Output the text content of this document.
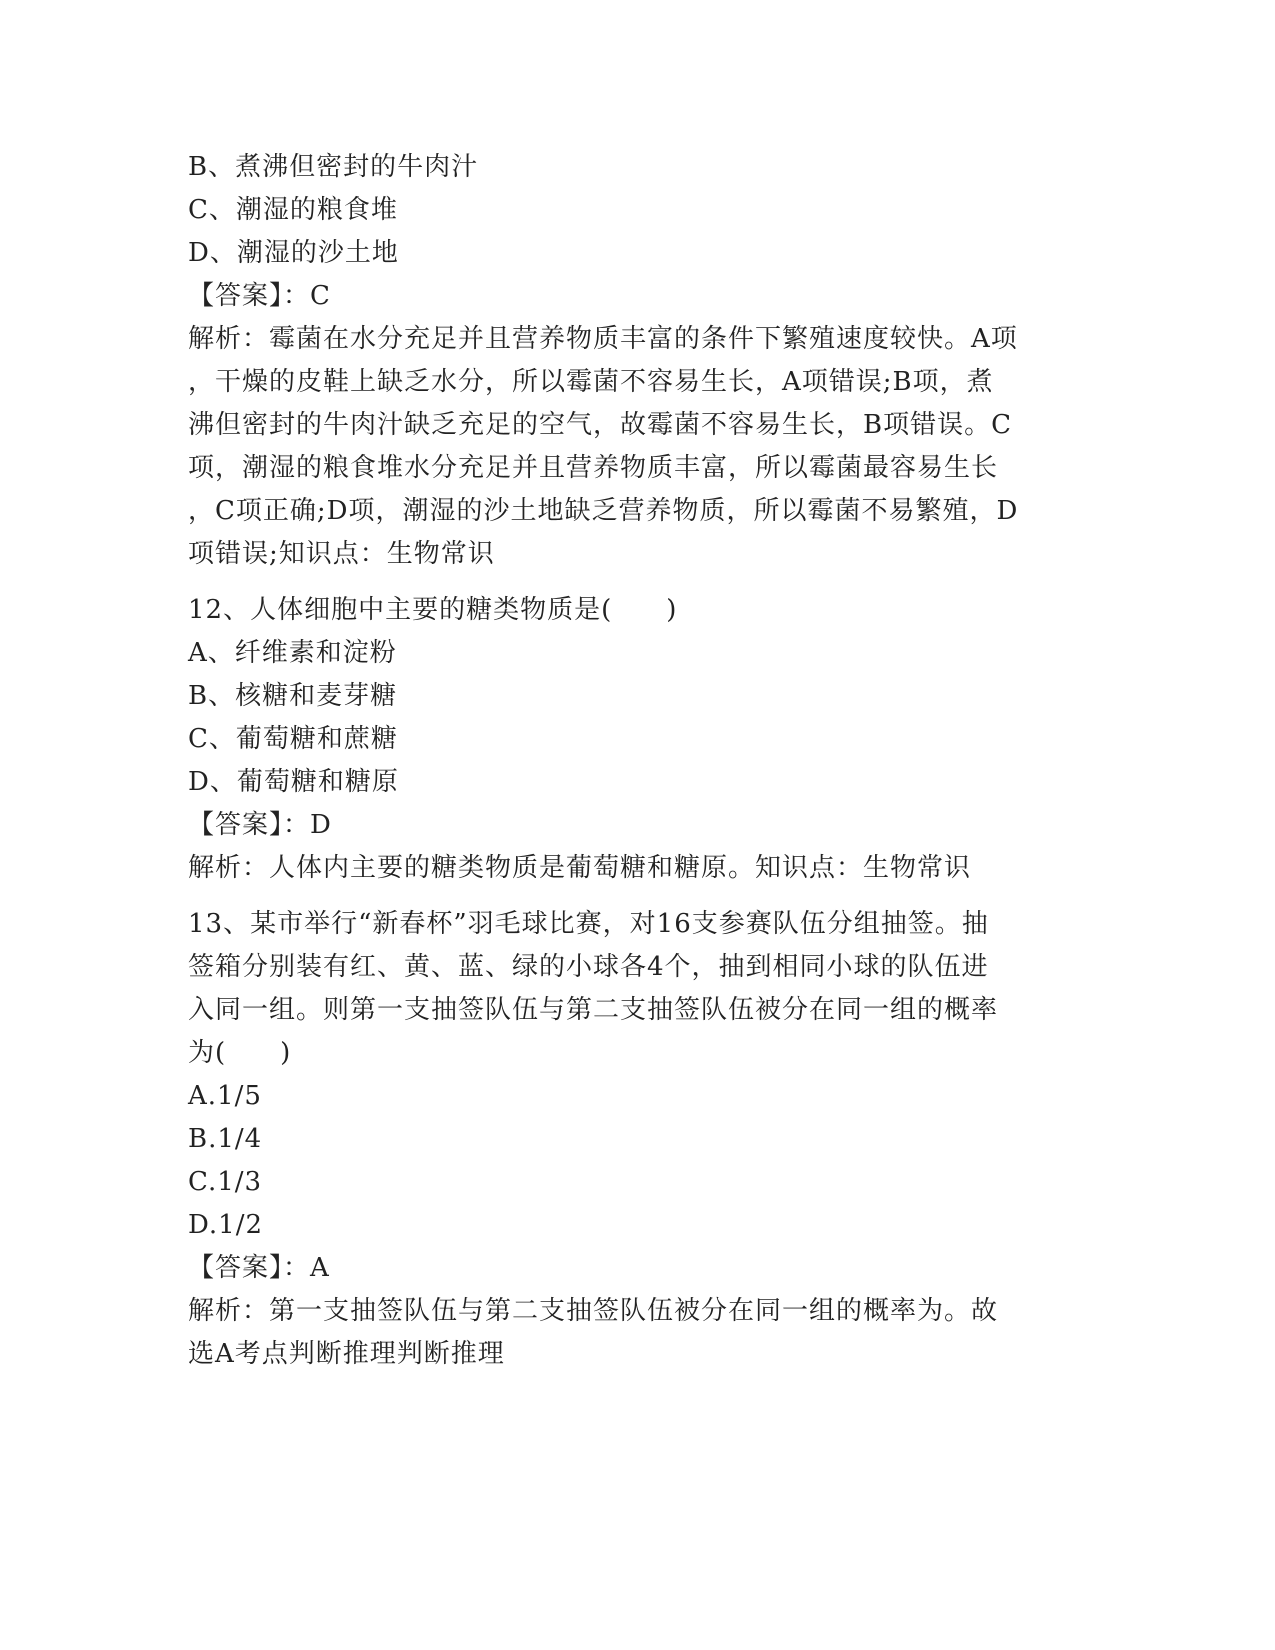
B、煮沸但密封的牛肉汁
C、潮湿的粮食堆
D、潮湿的沙土地
【答案】：C
解析：霉菌在水分充足并且营养物质丰富的条件下繁殖速度较快。A项
，干燥的皮鞋上缺乏水分，所以霉菌不容易生长，A项错误;B项，煮
沸但密封的牛肉汁缺乏充足的空气，故霉菌不容易生长，B项错误。C
项，潮湿的粮食堆水分充足并且营养物质丰富，所以霉菌最容易生长
，C项正确;D项，潮湿的沙土地缺乏营养物质，所以霉菌不易繁殖，D
项错误;知识点：生物常识
12、人体细胞中主要的糖类物质是(　　)
A、纤维素和淀粉
B、核糖和麦芽糖
C、葡萄糖和蔗糖
D、葡萄糖和糖原
【答案】：D
解析：人体内主要的糖类物质是葡萄糖和糖原。知识点：生物常识
13、某市举行“新春杯”羽毛球比赛，对16支参赛队伍分组抽签。抽
签箱分别装有红、黄、蓝、绿的小球各4个，抽到相同小球的队伍进
入同一组。则第一支抽签队伍与第二支抽签队伍被分在同一组的概率
为(　　)
A.1/5
B.1/4
C.1/3
D.1/2
【答案】：A
解析：第一支抽签队伍与第二支抽签队伍被分在同一组的概率为。故
选A考点判断推理判断推理
